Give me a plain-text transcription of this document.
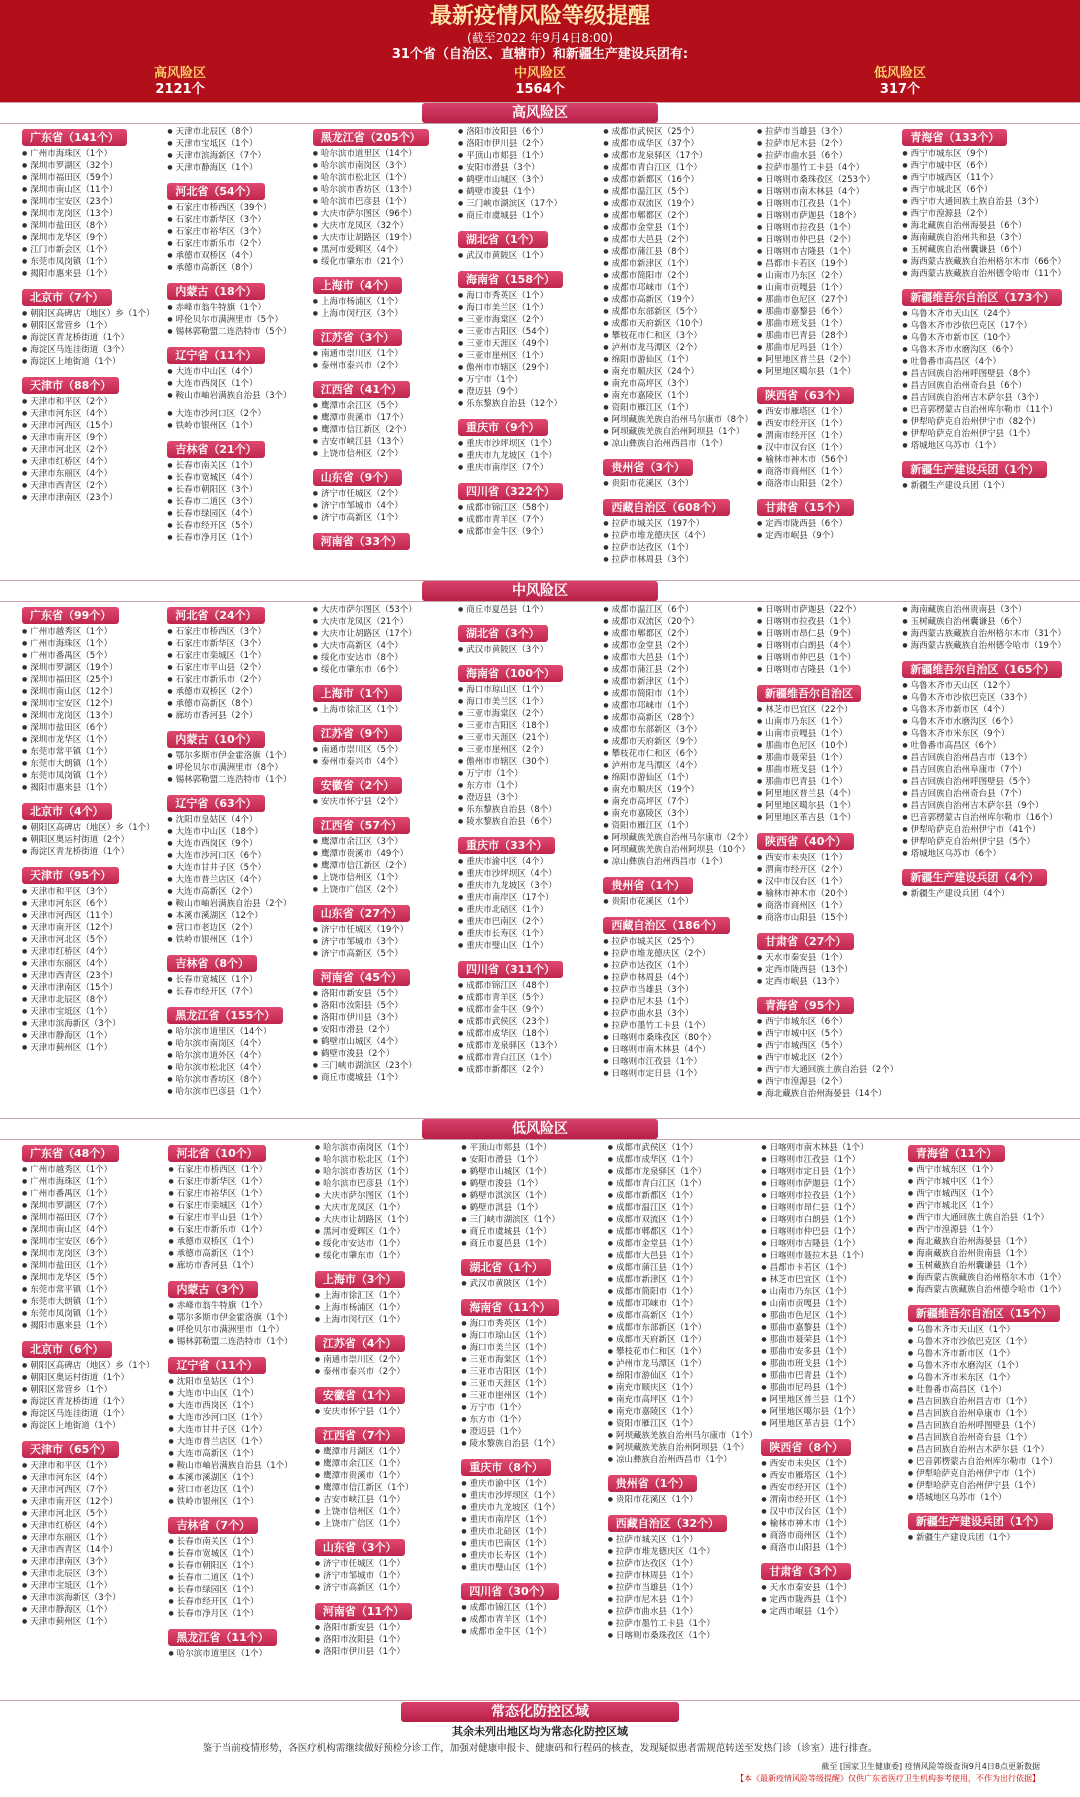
最新疫情风险等级提醒
(截至2022 年9月4日8:00)
31个省（自治区、直辖市）和新疆生产建设兵团有:
高风险区
2121个
中风险区
1564个
低风险区
317个
高风险区
广东省（141个）
● 广州市海珠区（1个）
● 深圳市罗湖区（32个）
● 深圳市福田区（59个）
● 深圳市南山区（11个）
● 深圳市宝安区（23个）
● 深圳市龙岗区（13个）
● 深圳市盐田区（8个）
● 深圳市龙华区（9个）
● 江门市新会区（1个）
● 东莞市凤岗镇（1个）
● 揭阳市惠来县（1个）
北京市（7个）
● 朝阳区高碑店（地区）乡（1个）
● 朝阳区常营乡（1个）
● 海淀区青龙桥街道（1个）
● 海淀区马连洼街道（3个）
● 海淀区上地街道（1个）
天津市（88个）
● 天津市和平区（2个）
● 天津市河东区（4个）
● 天津市河西区（15个）
● 天津市南开区（9个）
● 天津市河北区（2个）
● 天津市红桥区（4个）
● 天津市东丽区（4个）
● 天津市西青区（2个）
● 天津市津南区（23个）
● 天津市北辰区（8个）
● 天津市宝坻区（1个）
● 天津市滨海新区（7个）
● 天津市静海区（1个）
河北省（54个）
● 石家庄市桥西区（39个）
● 石家庄市新华区（3个）
● 石家庄市裕华区（3个）
● 石家庄市新乐市（2个）
● 承德市双桥区（4个）
● 承德市高新区（8个）
内蒙古（18个）
● 赤峰市翁牛特旗（1个）
● 呼伦贝尔市满洲里市（5个）
● 锡林郭勒盟二连浩特市（5个）
辽宁省（11个）
● 大连市中山区（4个）
● 大连市西岗区（1个）
● 鞍山市岫岩满族自治县（3个）
● 大连市沙河口区（2个）
● 铁岭市银州区（1个）
吉林省（21个）
● 长春市南关区（1个）
● 长春市宽城区（4个）
● 长春市朝阳区（3个）
● 长春市二道区（3个）
● 长春市绿园区（4个）
● 长春市经开区（5个）
● 长春市净月区（1个）
黑龙江省（205个）
● 哈尔滨市道里区（14个）
● 哈尔滨市南岗区（3个）
● 哈尔滨市松北区（1个）
● 哈尔滨市香坊区（13个）
● 哈尔滨市巴彦县（1个）
● 大庆市萨尔图区（96个）
● 大庆市龙凤区（32个）
● 大庆市让胡路区（19个）
● 黑河市爱辉区（4个）
● 绥化市肇东市（21个）
上海市（4个）
● 上海市杨浦区（1个）
● 上海市闵行区（3个）
江苏省（3个）
● 南通市崇川区（1个）
● 泰州市泰兴市（2个）
江西省（41个）
● 鹰潭市余江区（5个）
● 鹰潭市贵溪市（17个）
● 鹰潭市信江新区（2个）
● 吉安市峡江县（13个）
● 上饶市信州区（2个）
山东省（9个）
● 济宁市任城区（2个）
● 济宁市邹城市（4个）
● 济宁市高新区（1个）
河南省（33个）
● 洛阳市汝阳县（6个）
● 洛阳市伊川县（2个）
● 平顶山市郏县（1个）
● 安阳市滑县（3个）
● 鹤壁市山城区（3个）
● 鹤壁市浚县（1个）
● 三门峡市湖滨区（17个）
● 商丘市虞城县（1个）
湖北省（1个）
● 武汉市黄陂区（1个）
海南省（158个）
● 海口市秀英区（1个）
● 海口市美兰区（1个）
● 三亚市海棠区（2个）
● 三亚市吉阳区（54个）
● 三亚市天涯区（49个）
● 三亚市崖州区（1个）
● 儋州市市辖区（29个）
● 万宁市（1个）
● 澄迈县（9个）
● 乐东黎族自治县（12个）
重庆市（9个）
● 重庆市沙坪坝区（1个）
● 重庆市九龙坡区（1个）
● 重庆市南岸区（7个）
四川省（322个）
● 成都市锦江区（58个）
● 成都市青羊区（7个）
● 成都市金牛区（9个）
● 成都市武侯区（25个）
● 成都市成华区（37个）
● 成都市龙泉驿区（17个）
● 成都市青白江区（1个）
● 成都市新都区（16个）
● 成都市温江区（5个）
● 成都市双流区（19个）
● 成都市郫都区（2个）
● 成都市金堂县（1个）
● 成都市大邑县（2个）
● 成都市蒲江县（8个）
● 成都市新津区（1个）
● 成都市简阳市（2个）
● 成都市邛崃市（1个）
● 成都市高新区（19个）
● 成都市东部新区（5个）
● 成都市天府新区（10个）
● 攀枝花市仁和区（3个）
● 泸州市龙马潭区（2个）
● 绵阳市游仙区（1个）
● 南充市顺庆区（24个）
● 南充市高坪区（3个）
● 南充市嘉陵区（1个）
● 资阳市雁江区（1个）
● 阿坝藏族羌族自治州马尔康市（8个）
● 阿坝藏族羌族自治州阿坝县（1个）
● 凉山彝族自治州西昌市（1个）
贵州省（3个）
● 贵阳市花溪区（3个）
西藏自治区（608个）
● 拉萨市城关区（197个）
● 拉萨市堆龙德庆区（4个）
● 拉萨市达孜区（1个）
● 拉萨市林周县（3个）
● 拉萨市当雄县（3个）
● 拉萨市尼木县（2个）
● 拉萨市曲水县（6个）
● 拉萨市墨竹工卡县（4个）
● 日喀则市桑珠孜区（253个）
● 日喀则市南木林县（4个）
● 日喀则市江孜县（1个）
● 日喀则市萨迦县（18个）
● 日喀则市拉孜县（1个）
● 日喀则市仲巴县（2个）
● 日喀则市吉隆县（1个）
● 昌都市卡若区（19个）
● 山南市乃东区（2个）
● 山南市贡嘎县（1个）
● 那曲市色尼区（27个）
● 那曲市嘉黎县（6个）
● 那曲市班戈县（1个）
● 那曲市巴青县（28个）
● 那曲市尼玛县（1个）
● 阿里地区普兰县（2个）
● 阿里地区噶尔县（1个）
陕西省（63个）
● 西安市雁塔区（1个）
● 西安市经开区（1个）
● 渭南市经开区（1个）
● 汉中市汉台区（1个）
● 榆林市神木市（56个）
● 商洛市商州区（1个）
● 商洛市山阳县（2个）
甘肃省（15个）
● 定西市陇西县（6个）
● 定西市岷县（9个）
青海省（133个）
● 西宁市城东区（9个）
● 西宁市城中区（6个）
● 西宁市城西区（11个）
● 西宁市城北区（6个）
● 西宁市大通回族土族自治县（3个）
● 西宁市湟源县（2个）
● 海北藏族自治州海晏县（6个）
● 海南藏族自治州共和县（3个）
● 玉树藏族自治州囊谦县（6个）
● 海西蒙古族藏族自治州格尔木市（66个）
● 海西蒙古族藏族自治州德令哈市（11个）
新疆维吾尔自治区（173个）
● 乌鲁木齐市天山区（24个）
● 乌鲁木齐市沙依巴克区（17个）
● 乌鲁木齐市新市区（10个）
● 乌鲁木齐市水磨沟区（6个）
● 吐鲁番市高昌区（4个）
● 昌吉回族自治州呼图壁县（8个）
● 昌吉回族自治州奇台县（6个）
● 昌吉回族自治州吉木萨尔县（3个）
● 巴音郭楞蒙古自治州库尔勒市（11个）
● 伊犁哈萨克自治州伊宁市（82个）
● 伊犁哈萨克自治州伊宁县（1个）
● 塔城地区乌苏市（1个）
新疆生产建设兵团（1个）
● 新疆生产建设兵团（1个）
中风险区
广东省（99个）
● 广州市越秀区（1个）
● 广州市海珠区（1个）
● 广州市番禺区（5个）
● 深圳市罗湖区（19个）
● 深圳市福田区（25个）
● 深圳市南山区（12个）
● 深圳市宝安区（12个）
● 深圳市龙岗区（13个）
● 深圳市盐田区（6个）
● 深圳市龙华区（1个）
● 东莞市常平镇（1个）
● 东莞市大朗镇（1个）
● 东莞市凤岗镇（1个）
● 揭阳市惠来县（1个）
北京市（4个）
● 朝阳区高碑店（地区）乡（1个）
● 朝阳区奥运村街道（2个）
● 海淀区青龙桥街道（1个）
天津市（95个）
● 天津市和平区（3个）
● 天津市河东区（6个）
● 天津市河西区（11个）
● 天津市南开区（12个）
● 天津市河北区（5个）
● 天津市红桥区（4个）
● 天津市东丽区（4个）
● 天津市西青区（23个）
● 天津市津南区（15个）
● 天津市北辰区（8个）
● 天津市宝坻区（1个）
● 天津市滨海新区（3个）
● 天津市静海区（1个）
● 天津市蓟州区（1个）
河北省（24个）
● 石家庄市桥西区（3个）
● 石家庄市新华区（3个）
● 石家庄市栾城区（1个）
● 石家庄市平山县（2个）
● 石家庄市新乐市（2个）
● 承德市双桥区（2个）
● 承德市高新区（8个）
● 廊坊市香河县（2个）
内蒙古（10个）
● 鄂尔多斯市伊金霍洛旗（1个）
● 呼伦贝尔市满洲里市（8个）
● 锡林郭勒盟二连浩特市（1个）
辽宁省（63个）
● 沈阳市皇姑区（4个）
● 大连市中山区（18个）
● 大连市西岗区（9个）
● 大连市沙河口区（6个）
● 大连市甘井子区（5个）
● 大连市普兰店区（4个）
● 大连市高新区（2个）
● 鞍山市岫岩满族自治县（2个）
● 本溪市溪湖区（12个）
● 营口市老边区（2个）
● 铁岭市银州区（1个）
吉林省（8个）
● 长春市宽城区（1个）
● 长春市经开区（7个）
黑龙江省（155个）
● 哈尔滨市道里区（14个）
● 哈尔滨市南岗区（4个）
● 哈尔滨市道外区（4个）
● 哈尔滨市松北区（4个）
● 哈尔滨市香坊区（8个）
● 哈尔滨市巴彦县（1个）
● 大庆市萨尔图区（53个）
● 大庆市龙凤区（21个）
● 大庆市让胡路区（17个）
● 大庆市高新区（4个）
● 绥化市安达市（8个）
● 绥化市肇东市（6个）
上海市（1个）
● 上海市徐汇区（1个）
江苏省（9个）
● 南通市崇川区（5个）
● 泰州市泰兴市（4个）
安徽省（2个）
● 安庆市怀宁县（2个）
江西省（57个）
● 鹰潭市余江区（3个）
● 鹰潭市贵溪市（49个）
● 鹰潭市信江新区（2个）
● 上饶市信州区（1个）
● 上饶市广信区（2个）
山东省（27个）
● 济宁市任城区（19个）
● 济宁市邹城市（3个）
● 济宁市高新区（5个）
河南省（45个）
● 洛阳市新安县（5个）
● 洛阳市汝阳县（5个）
● 洛阳市伊川县（3个）
● 安阳市滑县（2个）
● 鹤壁市山城区（4个）
● 鹤壁市浚县（2个）
● 三门峡市湖滨区（23个）
● 商丘市虞城县（1个）
● 商丘市夏邑县（1个）
湖北省（3个）
● 武汉市黄陂区（3个）
海南省（100个）
● 海口市琼山区（1个）
● 海口市美兰区（1个）
● 三亚市海棠区（2个）
● 三亚市吉阳区（18个）
● 三亚市天涯区（21个）
● 三亚市崖州区（2个）
● 儋州市市辖区（30个）
● 万宁市（1个）
● 东方市（1个）
● 澄迈县（3个）
● 乐东黎族自治县（8个）
● 陵水黎族自治县（6个）
重庆市（33个）
● 重庆市渝中区（4个）
● 重庆市沙坪坝区（4个）
● 重庆市九龙坡区（3个）
● 重庆市南岸区（17个）
● 重庆市北碚区（1个）
● 重庆市巴南区（2个）
● 重庆市长寿区（1个）
● 重庆市璧山区（1个）
四川省（311个）
● 成都市锦江区（48个）
● 成都市青羊区（5个）
● 成都市金牛区（9个）
● 成都市武侯区（23个）
● 成都市成华区（18个）
● 成都市龙泉驿区（13个）
● 成都市青白江区（1个）
● 成都市新都区（2个）
● 成都市温江区（6个）
● 成都市双流区（20个）
● 成都市郫都区（2个）
● 成都市金堂县（2个）
● 成都市大邑县（1个）
● 成都市蒲江县（2个）
● 成都市新津区（1个）
● 成都市简阳市（1个）
● 成都市邛崃市（1个）
● 成都市高新区（28个）
● 成都市东部新区（3个）
● 成都市天府新区（9个）
● 攀枝花市仁和区（6个）
● 泸州市龙马潭区（4个）
● 绵阳市游仙区（1个）
● 南充市顺庆区（19个）
● 南充市高坪区（7个）
● 南充市嘉陵区（3个）
● 资阳市雁江区（1个）
● 阿坝藏族羌族自治州马尔康市（2个）
● 阿坝藏族羌族自治州阿坝县（10个）
● 凉山彝族自治州西昌市（1个）
贵州省（1个）
● 贵阳市花溪区（1个）
西藏自治区（186个）
● 拉萨市城关区（25个）
● 拉萨市堆龙德庆区（2个）
● 拉萨市达孜区（1个）
● 拉萨市林周县（4个）
● 拉萨市当雄县（3个）
● 拉萨市尼木县（1个）
● 拉萨市曲水县（3个）
● 拉萨市墨竹工卡县（1个）
● 日喀则市桑珠孜区（80个）
● 日喀则市南木林县（4个）
● 日喀则市江孜县（1个）
● 日喀则市定日县（1个）
● 日喀则市萨迦县（22个）
● 日喀则市拉孜县（1个）
● 日喀则市昂仁县（9个）
● 日喀则市白朗县（4个）
● 日喀则市仲巴县（1个）
● 日喀则市吉隆县（1个）
新疆维吾尔自治区
● 林芝市巴宜区（22个）
● 山南市乃东区（1个）
● 山南市贡嘎县（1个）
● 那曲市色尼区（10个）
● 那曲市聂荣县（1个）
● 那曲市班戈县（1个）
● 那曲市巴青县（1个）
● 阿里地区普兰县（4个）
● 阿里地区噶尔县（1个）
● 阿里地区革吉县（1个）
陕西省（40个）
● 西安市未央区（1个）
● 渭南市经开区（2个）
● 汉中市汉台区（1个）
● 榆林市神木市（20个）
● 商洛市商州区（1个）
● 商洛市山阳县（15个）
甘肃省（27个）
● 天水市秦安县（1个）
● 定西市陇西县（13个）
● 定西市岷县（13个）
青海省（95个）
● 西宁市城东区（6个）
● 西宁市城中区（5个）
● 西宁市城西区（5个）
● 西宁市城北区（2个）
● 西宁市大通回族土族自治县（2个）
● 西宁市湟源县（2个）
● 海北藏族自治州海晏县（14个）
● 海南藏族自治州贵南县（3个）
● 玉树藏族自治州囊谦县（6个）
● 海西蒙古族藏族自治州格尔木市（31个）
● 海西蒙古族藏族自治州德令哈市（19个）
新疆维吾尔自治区（165个）
● 乌鲁木齐市天山区（12个）
● 乌鲁木齐市沙依巴克区（33个）
● 乌鲁木齐市新市区（4个）
● 乌鲁木齐市水磨沟区（6个）
● 乌鲁木齐市米东区（9个）
● 吐鲁番市高昌区（6个）
● 昌吉回族自治州昌吉市（13个）
● 昌吉回族自治州阜康市（7个）
● 昌吉回族自治州呼图壁县（5个）
● 昌吉回族自治州奇台县（7个）
● 昌吉回族自治州吉木萨尔县（9个）
● 巴音郭楞蒙古自治州库尔勒市（16个）
● 伊犁哈萨克自治州伊宁市（41个）
● 伊犁哈萨克自治州伊宁县（5个）
● 塔城地区乌苏市（6个）
新疆生产建设兵团（4个）
● 新疆生产建设兵团（4个）
低风险区
广东省（48个）
● 广州市越秀区（1个）
● 广州市海珠区（1个）
● 广州市番禺区（1个）
● 深圳市罗湖区（7个）
● 深圳市福田区（7个）
● 深圳市南山区（4个）
● 深圳市宝安区（6个）
● 深圳市龙岗区（3个）
● 深圳市盐田区（1个）
● 深圳市龙华区（5个）
● 东莞市常平镇（1个）
● 东莞市大朗镇（1个）
● 东莞市凤岗镇（1个）
● 揭阳市惠来县（1个）
北京市（6个）
● 朝阳区高碑店（地区）乡（1个）
● 朝阳区奥运村街道（1个）
● 朝阳区常营乡（1个）
● 海淀区青龙桥街道（1个）
● 海淀区马连洼街道（1个）
● 海淀区上地街道（1个）
天津市（65个）
● 天津市和平区（1个）
● 天津市河东区（4个）
● 天津市河西区（7个）
● 天津市南开区（12个）
● 天津市河北区（5个）
● 天津市红桥区（4个）
● 天津市东丽区（1个）
● 天津市西青区（14个）
● 天津市津南区（3个）
● 天津市北辰区（3个）
● 天津市宝坻区（1个）
● 天津市滨海新区（3个）
● 天津市静海区（1个）
● 天津市蓟州区（1个）
河北省（10个）
● 石家庄市桥西区（1个）
● 石家庄市新华区（1个）
● 石家庄市裕华区（1个）
● 石家庄市栾城区（1个）
● 石家庄市平山县（1个）
● 石家庄市新乐市（1个）
● 承德市双桥区（1个）
● 承德市高新区（1个）
● 廊坊市香河县（1个）
内蒙古（3个）
● 赤峰市翁牛特旗（1个）
● 鄂尔多斯市伊金霍洛旗（1个）
● 呼伦贝尔市满洲里市（1个）
● 锡林郭勒盟二连浩特市（1个）
辽宁省（11个）
● 沈阳市皇姑区（1个）
● 大连市中山区（1个）
● 大连市西岗区（1个）
● 大连市沙河口区（1个）
● 大连市甘井子区（1个）
● 大连市普兰店区（1个）
● 大连市高新区（1个）
● 鞍山市岫岩满族自治县（1个）
● 本溪市溪湖区（1个）
● 营口市老边区（1个）
● 铁岭市银州区（1个）
吉林省（7个）
● 长春市南关区（1个）
● 长春市宽城区（1个）
● 长春市朝阳区（1个）
● 长春市二道区（1个）
● 长春市绿园区（1个）
● 长春市经开区（1个）
● 长春市净月区（1个）
黑龙江省（11个）
● 哈尔滨市道里区（1个）
● 哈尔滨市南岗区（1个）
● 哈尔滨市松北区（1个）
● 哈尔滨市香坊区（1个）
● 哈尔滨市巴彦县（1个）
● 大庆市萨尔图区（1个）
● 大庆市龙凤区（1个）
● 大庆市让胡路区（1个）
● 黑河市爱辉区（1个）
● 绥化市安达市（1个）
● 绥化市肇东市（1个）
上海市（3个）
● 上海市徐汇区（1个）
● 上海市杨浦区（1个）
● 上海市闵行区（1个）
江苏省（4个）
● 南通市崇川区（2个）
● 泰州市泰兴市（2个）
安徽省（1个）
● 安庆市怀宁县（1个）
江西省（7个）
● 鹰潭市月湖区（1个）
● 鹰潭市余江区（1个）
● 鹰潭市贵溪市（1个）
● 鹰潭市信江新区（1个）
● 吉安市峡江县（1个）
● 上饶市信州区（1个）
● 上饶市广信区（1个）
山东省（3个）
● 济宁市任城区（1个）
● 济宁市邹城市（1个）
● 济宁市高新区（1个）
河南省（11个）
● 洛阳市新安县（1个）
● 洛阳市汝阳县（1个）
● 洛阳市伊川县（1个）
● 平顶山市郏县（1个）
● 安阳市滑县（1个）
● 鹤壁市山城区（1个）
● 鹤壁市浚县（1个）
● 鹤壁市淇滨区（1个）
● 鹤壁市淇县（1个）
● 三门峡市湖滨区（1个）
● 商丘市虞城县（1个）
● 商丘市夏邑县（1个）
湖北省（1个）
● 武汉市黄陂区（1个）
海南省（11个）
● 海口市秀英区（1个）
● 海口市琼山区（1个）
● 海口市美兰区（1个）
● 三亚市海棠区（1个）
● 三亚市吉阳区（1个）
● 三亚市天涯区（1个）
● 三亚市崖州区（1个）
● 万宁市（1个）
● 东方市（1个）
● 澄迈县（1个）
● 陵水黎族自治县（1个）
重庆市（8个）
● 重庆市渝中区（1个）
● 重庆市沙坪坝区（1个）
● 重庆市九龙坡区（1个）
● 重庆市南岸区（1个）
● 重庆市北碚区（1个）
● 重庆市巴南区（1个）
● 重庆市长寿区（1个）
● 重庆市璧山区（1个）
四川省（30个）
● 成都市锦江区（1个）
● 成都市青羊区（1个）
● 成都市金牛区（1个）
● 成都市武侯区（1个）
● 成都市成华区（1个）
● 成都市龙泉驿区（1个）
● 成都市青白江区（1个）
● 成都市新都区（1个）
● 成都市温江区（1个）
● 成都市双流区（1个）
● 成都市郫都区（1个）
● 成都市金堂县（1个）
● 成都市大邑县（1个）
● 成都市蒲江县（1个）
● 成都市新津区（1个）
● 成都市简阳市（1个）
● 成都市邛崃市（1个）
● 成都市高新区（1个）
● 成都市东部新区（1个）
● 成都市天府新区（1个）
● 攀枝花市仁和区（1个）
● 泸州市龙马潭区（1个）
● 绵阳市游仙区（1个）
● 南充市顺庆区（1个）
● 南充市高坪区（1个）
● 南充市嘉陵区（1个）
● 资阳市雁江区（1个）
● 阿坝藏族羌族自治州马尔康市（1个）
● 阿坝藏族羌族自治州阿坝县（1个）
● 凉山彝族自治州西昌市（1个）
贵州省（1个）
● 贵阳市花溪区（1个）
西藏自治区（32个）
● 拉萨市城关区（1个）
● 拉萨市堆龙德庆区（1个）
● 拉萨市达孜区（1个）
● 拉萨市林周县（1个）
● 拉萨市当雄县（1个）
● 拉萨市尼木县（1个）
● 拉萨市曲水县（1个）
● 拉萨市墨竹工卡县（1个）
● 日喀则市桑珠孜区（1个）
● 日喀则市南木林县（1个）
● 日喀则市江孜县（1个）
● 日喀则市定日县（1个）
● 日喀则市萨迦县（1个）
● 日喀则市拉孜县（1个）
● 日喀则市昂仁县（1个）
● 日喀则市白朗县（1个）
● 日喀则市仲巴县（1个）
● 日喀则市吉隆县（1个）
● 日喀则市聂拉木县（1个）
● 昌都市卡若区（1个）
● 林芝市巴宜区（1个）
● 山南市乃东区（1个）
● 山南市贡嘎县（1个）
● 那曲市色尼区（1个）
● 那曲市嘉黎县（1个）
● 那曲市聂荣县（1个）
● 那曲市安多县（1个）
● 那曲市班戈县（1个）
● 那曲市巴青县（1个）
● 那曲市尼玛县（1个）
● 阿里地区普兰县（1个）
● 阿里地区噶尔县（1个）
● 阿里地区革吉县（1个）
陕西省（8个）
● 西安市未央区（1个）
● 西安市雁塔区（1个）
● 西安市经开区（1个）
● 渭南市经开区（1个）
● 汉中市汉台区（1个）
● 榆林市神木市（1个）
● 商洛市商州区（1个）
● 商洛市山阳县（1个）
甘肃省（3个）
● 天水市秦安县（1个）
● 定西市陇西县（1个）
● 定西市岷县（1个）
青海省（11个）
● 西宁市城东区（1个）
● 西宁市城中区（1个）
● 西宁市城西区（1个）
● 西宁市城北区（1个）
● 西宁市大通回族土族自治县（1个）
● 西宁市湟源县（1个）
● 海北藏族自治州海晏县（1个）
● 海南藏族自治州贵南县（1个）
● 玉树藏族自治州囊谦县（1个）
● 海西蒙古族藏族自治州格尔木市（1个）
● 海西蒙古族藏族自治州德令哈市（1个）
新疆维吾尔自治区（15个）
● 乌鲁木齐市天山区（1个）
● 乌鲁木齐市沙依巴克区（1个）
● 乌鲁木齐市新市区（1个）
● 乌鲁木齐市水磨沟区（1个）
● 乌鲁木齐市米东区（1个）
● 吐鲁番市高昌区（1个）
● 昌吉回族自治州昌吉市（1个）
● 昌吉回族自治州阜康市（1个）
● 昌吉回族自治州呼图壁县（1个）
● 昌吉回族自治州奇台县（1个）
● 昌吉回族自治州吉木萨尔县（1个）
● 巴音郭楞蒙古自治州库尔勒市（1个）
● 伊犁哈萨克自治州伊宁市（1个）
● 伊犁哈萨克自治州伊宁县（1个）
● 塔城地区乌苏市（1个）
新疆生产建设兵团（1个）
● 新疆生产建设兵团（1个）
常态化防控区域
其余未列出地区均为常态化防控区域
鉴于当前疫情形势，各医疗机构需继续做好预检分诊工作，加强对健康申报卡、健康码和行程码的核查，发现疑似患者需规范转送至发热门诊（诊室）进行排查。
截至 [国家卫生健康委] 疫情风险等级查询9月4日8点更新数据
【本《最新疫情风险等级提醒》仅供广东省医疗卫生机构参考使用，不作为出行依据】
